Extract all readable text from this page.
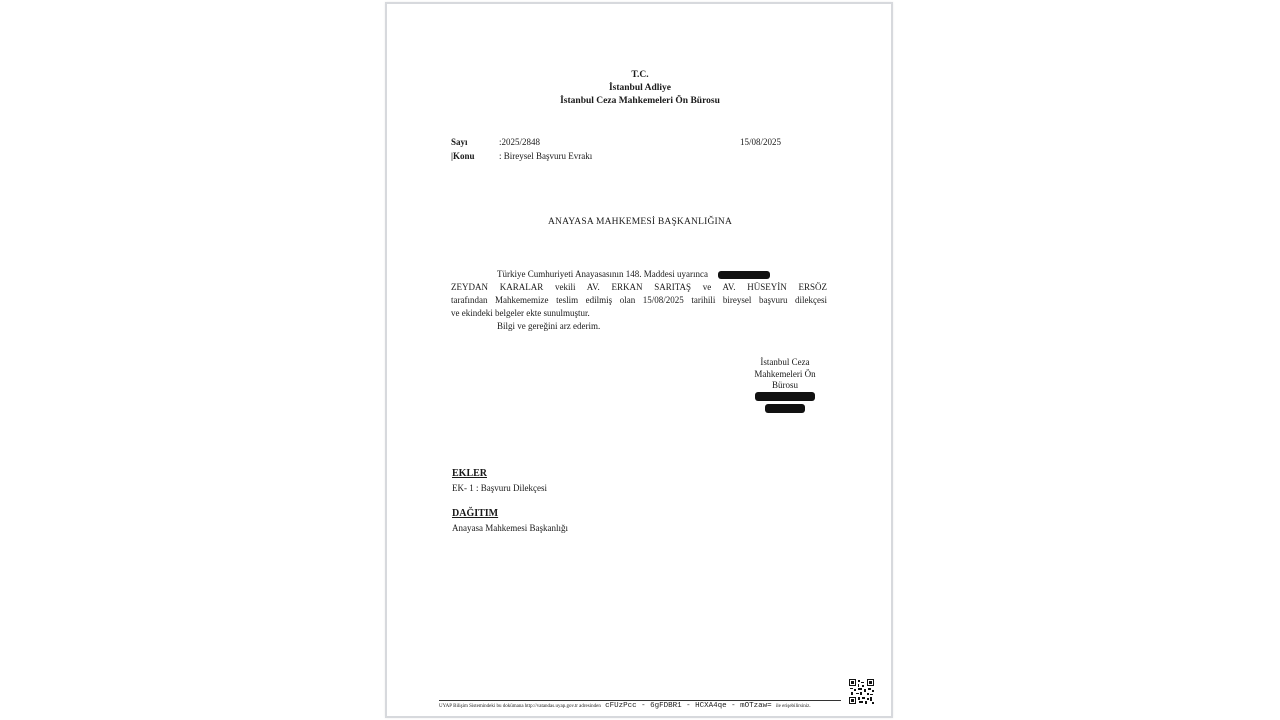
T.C.
İstanbul Adliye
İstanbul Ceza Mahkemeleri Ön Bürosu
Sayı	:2025/2848	15/08/2025
|Konu	: Bireysel Başvuru Evrakı
ANAYASA MAHKEMESİ BAŞKANLIĞINA
Türkiye Cumhuriyeti Anayasasının 148. Maddesi uyarınca
ZEYDAN KARALAR vekili AV. ERKAN SARITAŞ ve AV. HÜSEYİN ERSÖZ
tarafından Mahkememize teslim edilmiş olan 15/08/2025 tarihili bireysel başvuru dilekçesi
ve ekindeki belgeler ekte sunulmuştur.
Bilgi ve gereğini arz ederim.
İstanbul Ceza
Mahkemeleri Ön
Bürosu
EKLER
EK- 1 : Başvuru Dilekçesi
DAĞITIM
Anayasa Mahkemesi Başkanlığı
UYAP Bilişim Sistemindeki bu dokümana http://vatandas.uyap.gov.tr adresinden cFUzPcc - 6gFDBR1 - HCXA4qe - mOTzaw= ile erişebilirsiniz.
